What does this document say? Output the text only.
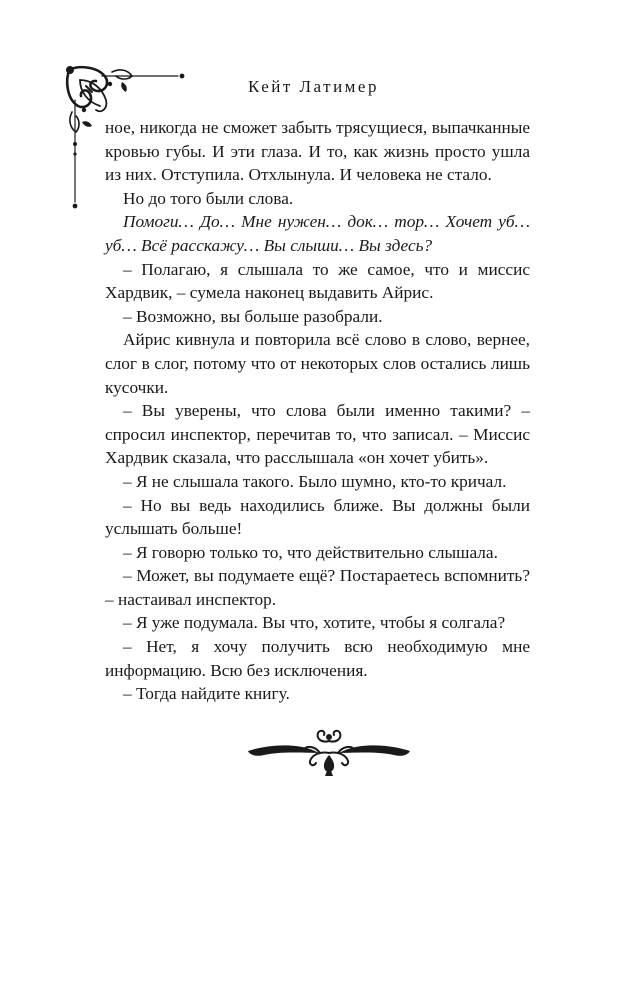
Кейт Латимер

ное, никогда не сможет забыть трясущиеся, выпачканные кровью губы. И эти глаза. И то, как жизнь просто ушла из них. Отступила. Отхлынула. И человека не стало.

Но до того были слова.

Помоги… До… Мне нужен… док… тор… Хочет уб… уб… Всё расскажу… Вы слыши… Вы здесь?

– Полагаю, я слышала то же самое, что и миссис Хардвик, – сумела наконец выдавить Айрис.

– Возможно, вы больше разобрали.

Айрис кивнула и повторила всё слово в слово, вернее, слог в слог, потому что от некоторых слов остались лишь кусочки.

– Вы уверены, что слова были именно такими? – спросил инспектор, перечитав то, что записал. – Миссис Хардвик сказала, что расслышала «он хочет убить».

– Я не слышала такого. Было шумно, кто-то кричал.

– Но вы ведь находились ближе. Вы должны были услышать больше!

– Я говорю только то, что действительно слышала.

– Может, вы подумаете ещё? Постараетесь вспомнить? – настаивал инспектор.

– Я уже подумала. Вы что, хотите, чтобы я солгала?

– Нет, я хочу получить всю необходимую мне информацию. Всю без исключения.

– Тогда найдите книгу.
